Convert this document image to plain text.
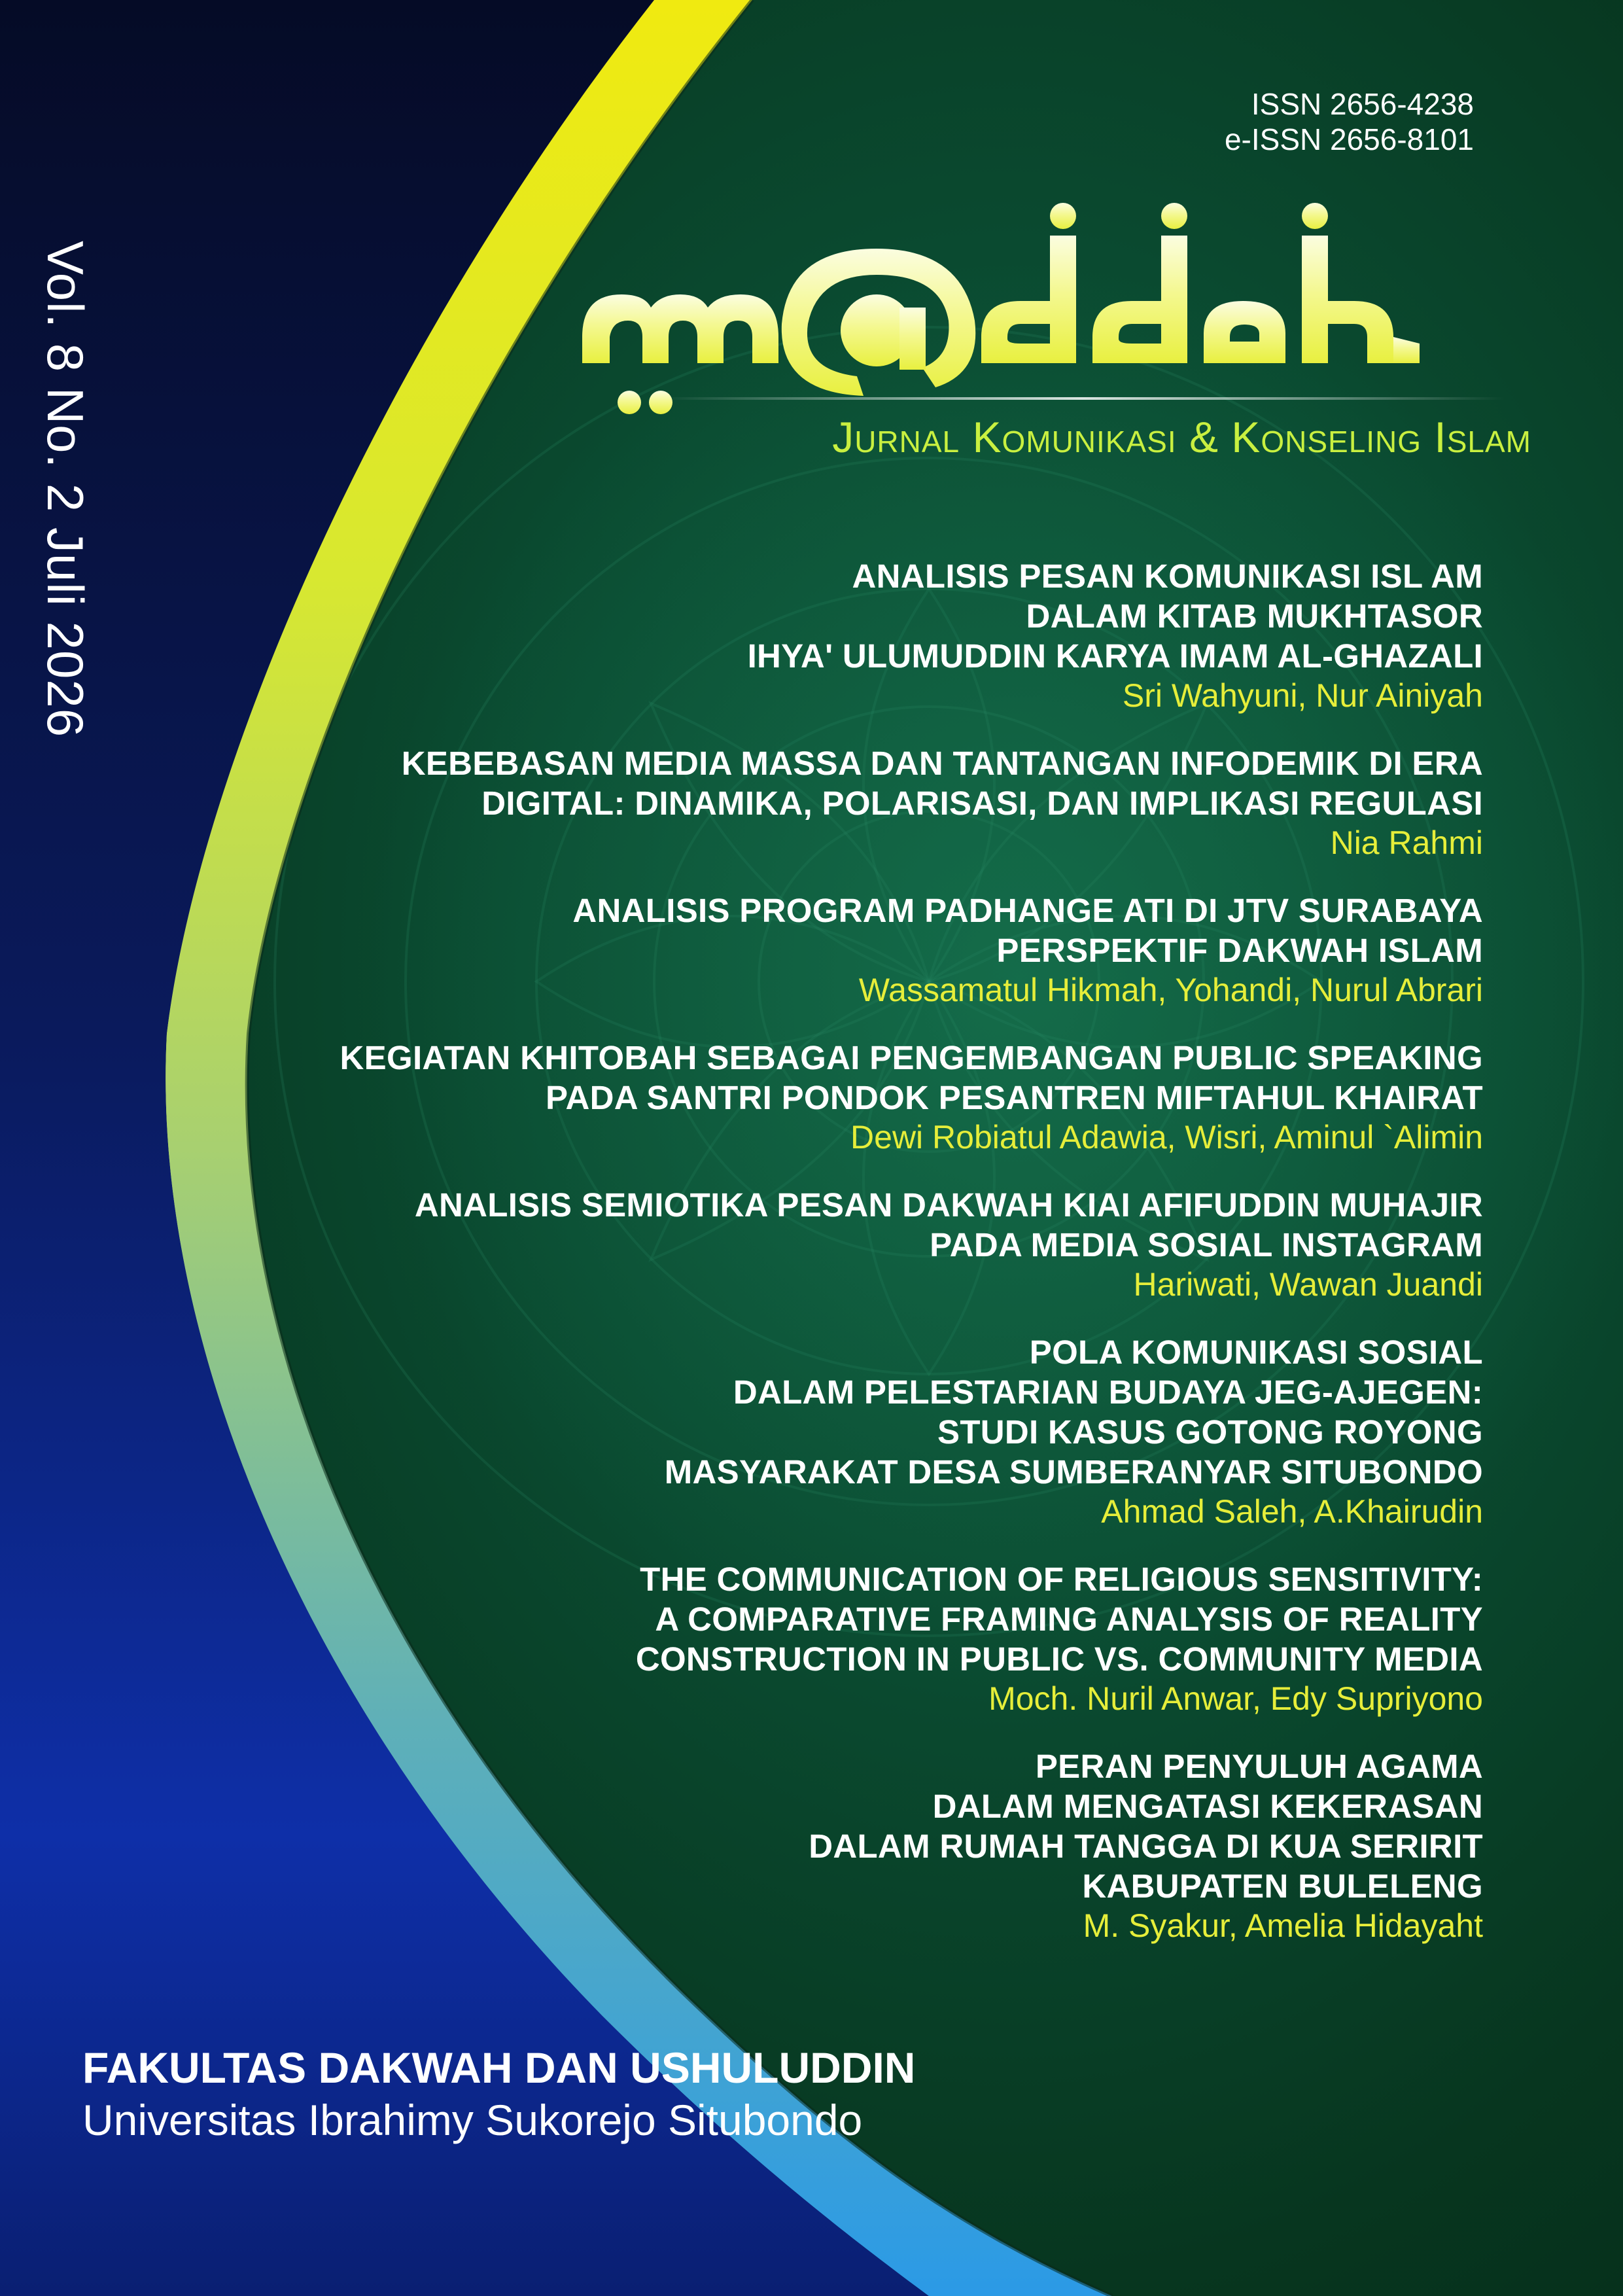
ISSN 2656-4238
e-ISSN 2656-8101
Vol. 8 No. 2 Juli 2026	Jurnal Komunikasi & Konseling Islam
ANALISIS PESAN KOMUNIKASI ISL AM
DALAM KITAB MUKHTASOR
IHYA' ULUMUDDIN KARYA IMAM AL-GHAZALI
Sri Wahyuni, Nur Ainiyah
KEBEBASAN MEDIA MASSA DAN TANTANGAN INFODEMIK DI ERA
DIGITAL: DINAMIKA, POLARISASI, DAN IMPLIKASI REGULASI
Nia Rahmi
ANALISIS PROGRAM PADHANGE ATI DI JTV SURABAYA
PERSPEKTIF DAKWAH ISLAM
Wassamatul Hikmah, Yohandi, Nurul Abrari
KEGIATAN KHITOBAH SEBAGAI PENGEMBANGAN PUBLIC SPEAKING
PADA SANTRI PONDOK PESANTREN MIFTAHUL KHAIRAT
Dewi Robiatul Adawia, Wisri, Aminul `Alimin
ANALISIS SEMIOTIKA PESAN DAKWAH KIAI AFIFUDDIN MUHAJIR
PADA MEDIA SOSIAL INSTAGRAM
Hariwati, Wawan Juandi
POLA KOMUNIKASI SOSIAL
DALAM PELESTARIAN BUDAYA JEG-AJEGEN:
STUDI KASUS GOTONG ROYONG
MASYARAKAT DESA SUMBERANYAR SITUBONDO
Ahmad Saleh, A.Khairudin
THE COMMUNICATION OF RELIGIOUS SENSITIVITY:
A COMPARATIVE FRAMING ANALYSIS OF REALITY
CONSTRUCTION IN PUBLIC VS. COMMUNITY MEDIA
Moch. Nuril Anwar, Edy Supriyono
PERAN PENYULUH AGAMA
DALAM MENGATASI KEKERASAN
DALAM RUMAH TANGGA DI KUA SERIRIT
KABUPATEN BULELENG
M. Syakur, Amelia Hidayaht
FAKULTAS DAKWAH DAN USHULUDDIN
Universitas Ibrahimy Sukorejo Situbondo
